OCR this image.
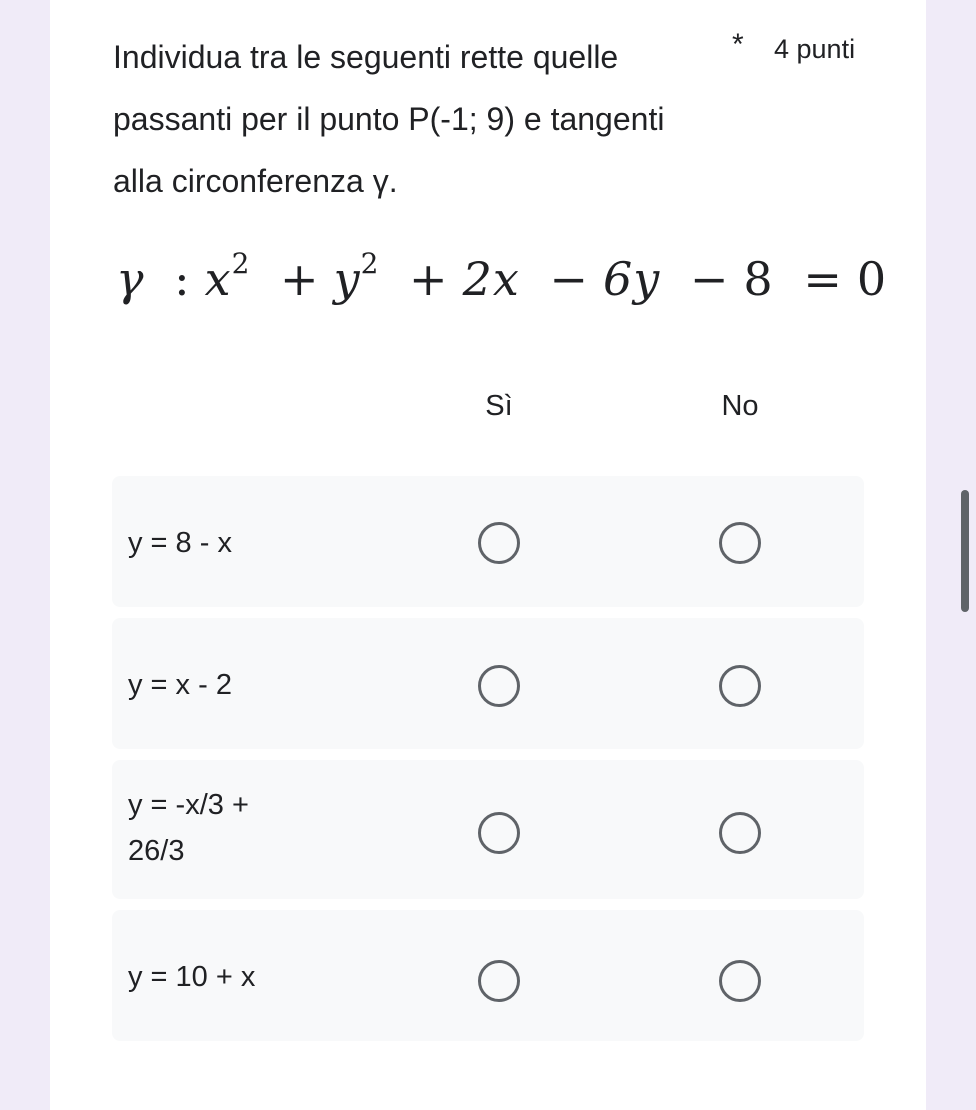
Individua tra le seguenti rette quelle passanti per il punto P(-1; 9) e tangenti alla circonferenza γ.
* 4 punti
γ : $x^2 + y^2 + 2x - 6y - 8 = 0$
Sì	No
y = 8 - x
y = x - 2
y = -x/3 + 26/3
y = 10 + x
